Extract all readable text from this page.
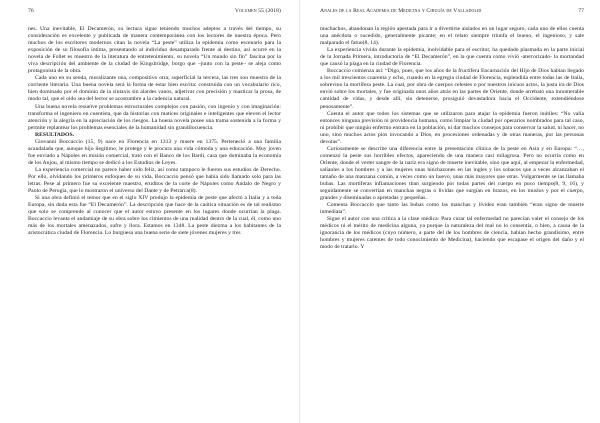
76	Volumen 55 (2018)

nes. Una inevitable, El Decamerón, su lectura sigue teniendo muchos adeptos a través del tiempo, su consideración es excelente y publicada de manera contemporánea con los lectores de nuestra época. Pero muchos de los escritores modernos citan la novela “La peste” utiliza la epidemia como escenario para la exposición de su filosofía íntima, presentando al individuo desamparado frente al destino, así ocurre en la novela de Follet es muestro de la literatura de entretenimiento, su novela “Un mundo sin fin” fascina por la viva descripción del ambiente de la ciudad de Kingsbridge, borgo que –junto con la peste– se aleja como protagonista de la obra.

Cada uno en su senda, moralizante una, compositivo otra; superficial la tercera, las tres son muestra de la corriente literaria. Una buena novela será la forma de estar bien escrita: construida con un vocabulario rico, bien dominado por el dominio de la sintaxis sin alardes vanos, adjetivar con precisión y masticar la prosa, de modo tal, que el oído sea del lector se acostumbre a la cadencia natural.

Una buena novela resuelve problemas estructurales complejos con pasión, con ingenio y con imaginación: transforma el ingeniero en cuentista, que da historias con matices originales e inteligentes que eleven el lector atención y la alegría en la apreciación de los riesgos. La buena novela posee una trama sostenida a la forma y permite replantear los problemas esenciales de la humanidad sin grandilocuencia.

RESULTADOS.

Giovanni Boccaccio (15, 9) nace en Florencia en 1313 y muere en 1375. Perteneció a una familia acaudalada que, aunque hijo ilegítimo, le protege y le procura una vida cómoda y una educación. Muy joven fue enviado a Nápoles en misión comercial, trató con el Banco de los Bardi, casa que dominaba la economía de los Anjou, al mismo tiempo se dedicó a los Estudios de Leyes.

La experiencia comercial no parece haber sido feliz, así como tampoco le fueron sus estudios de Derecho. Por ello, olvidando los primeros enfoques de su vida, Boccaccio pensó que había sido llamado solo para las letras. Pese al primero fue su excelente maestro, eruditos de la corte de Nápoles como Andalo de Negro y Paolo de Perugia, que lo mostraron el universo del Dante y de Petrarca(8).

Si una obra definió el temor que en el siglo XIV produjo la epidemia de peste que afectó a Italia y a toda Europa, sin duda esta fue “El Decamerón”. La descripción que hace de la caótica situación es de tal realismo que solo se comprende al conocer que el autor estuvo presente en los lugares donde ocurrían la plaga. Boccaccio levanta el andamiaje de su obra sobre los cimientos de una realidad dentro de la cual, él, como uno más de los mortales amenazados, sufre y llora. Estamos en 1348. La peste diezma a los habitantes de la aristocrática ciudad de Florencia. Lo burguesa una buena serie de siete jóvenes mujeres y tres

Anales de la Real Academia de Medicina y Cirugía de Valladolid	77

muchachos, abandonan la región apestada para ir a divertirse aislados en un lugar seguro, cada uno de ellos cuenta una anécdota o sucedido, generalmente picante; en el relato siempre triunfa el bueno, el ingenioso, y sale malparado el fatuo(8, 14).

La experiencia vivida durante la epidemia, inolvidable para el escritor, ha quedado plasmada en la parte inicial de la Jornada Primera, introductoria de “El Decamerón”, en la que cuenta como vivió -aterrorizado- la mortandad que causó la plaga en la ciudad de Florencia.

Boccaccio comienza así: “Digo, pues, que los años de la fructífera Encarnación del Hijo de Dios habían llegado a los mil trescientos cuarenta y ocho, cuando en la egregia ciudad de Florencia, esplendida entre todas las de Italia, sobrevino la mortífera peste. La cual, por obra de cuerpos celestes o por nuestros inicuos actos, la justa ira de Dios envió sobre los mortales, y fue originada unos años atrás en las partes de Oriente, donde arrebató una innumerable cantidad de vidas, y desde allí, sin detenerse, prosiguió devastadora hacia el Occidente, extendiéndose penosamente”.

Cuenta el autor que todos los sistemas que se utilizaron para atajar la epidemia fueron inútiles: “No valía entonces ninguna previsión ni providencia humana, como limpiar la ciudad por operarios nombrados para tal caso, ni prohibir que ningún enfermo entrara en la población, ni dar muchos consejos para conservar la salud, ni hacer, no uno, sino muchos actos píos invocando a Dios, en procesiones ordenadas y de otras maneras, por las personas devotas”.

Curiosamente se describe una diferencia entre la presentación clínica de la peste en Asia y en Europa: “…, comenzó la peste sus horribles efectos, apareciendo de una manera casi milagrosa. Pero no ocurría como en Oriente, donde el verter sangre de la nariz era signo de muerte inevitable, sino que aquí, al empezar la enfermedad, salíanles a los hombres y a las mujeres unas hinchazones en las ingles y los sobacos que a veces alcanzaban el tamaño de una manzana común, a veces como un huevo, unas más mayores que otras. Vulgarmente se las llamaba bubas. Las mortíferas inflamaciones tban surgiendo por todas partes del cuerpo en poco tiempo(8, 9, 16), y seguidamente se convertían en manchas negras o lívidas que surgían en brazos, en los muslos y por el cuerpo, grandes y diseminadas o apretadas y pequeñas.

Comenta Boccaccio que tanto las bubas como las manchas y lívidez eran también “eran signo de muerte inmediata”.

Sigue el autor con una crítica a la clase médica: Para curar tal enfermedad no parecían valer el consejo de los médicos ni el mérito de medicina alguna, ya porque la naturaleza del mal no lo consentía, o bien, a causa de la ignorancia de los médicos (cuyo número, a parte del de los hombres de ciencia, habían hecho grandísimo, entre hombres y mujeres carentes de todo conocimiento de Medicina), haciendo que escapase el origen del daño y el modo de tratarlo. Y
